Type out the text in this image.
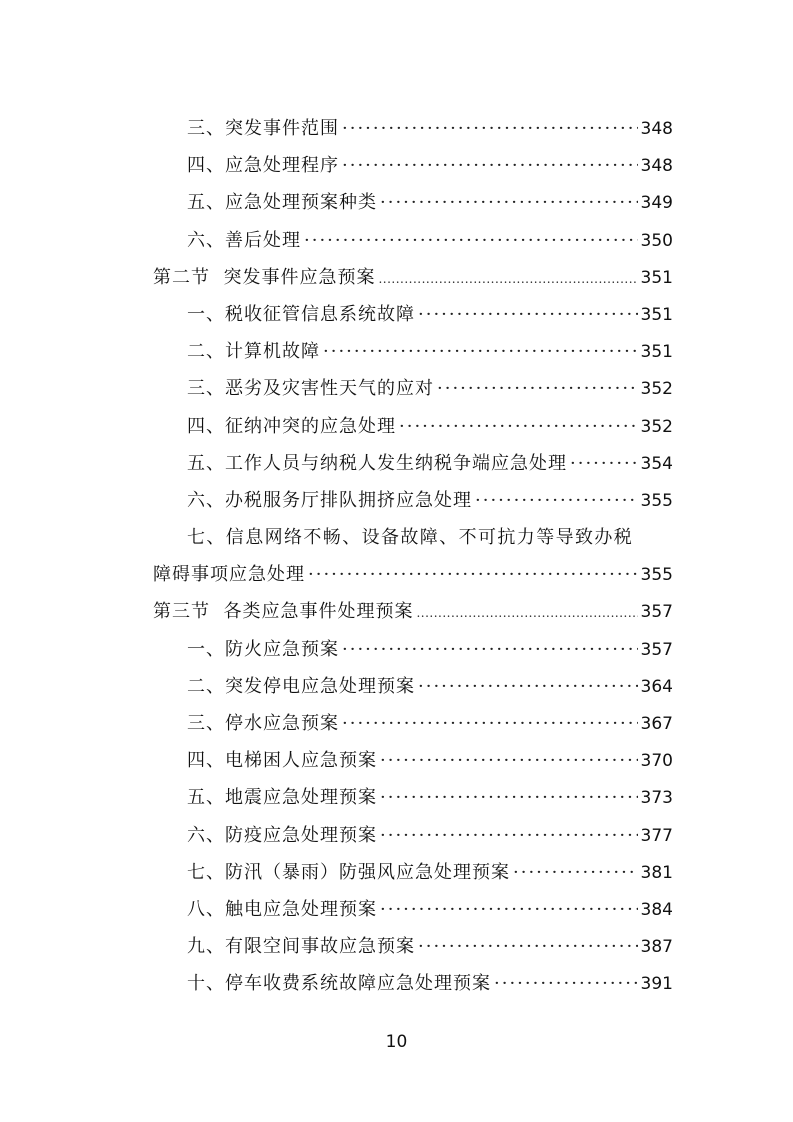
三、突发事件范围 ·····	348
四、应急处理程序 ·····	348
五、应急处理预案种类 ·····	349
六、善后处理 ·····	350
第二节  突发事件应急预案 .....	351
一、税收征管信息系统故障 ·····	351
二、计算机故障 ·····	351
三、恶劣及灾害性天气的应对 ·····	352
四、征纳冲突的应急处理 ·····	352
五、工作人员与纳税人发生纳税争端应急处理 ·····	354
六、办税服务厅排队拥挤应急处理 ·····	355
七、信息网络不畅、设备故障、不可抗力等导致办税
障碍事项应急处理 ·····	355
第三节  各类应急事件处理预案 .....	357
一、防火应急预案 ·····	357
二、突发停电应急处理预案 ·····	364
三、停水应急预案 ·····	367
四、电梯困人应急预案 ·····	370
五、地震应急处理预案 ·····	373
六、防疫应急处理预案 ·····	377
七、防汛（暴雨）防强风应急处理预案 ·····	381
八、触电应急处理预案 ·····	384
九、有限空间事故应急预案 ·····	387
十、停车收费系统故障应急处理预案 ·····	391
10
